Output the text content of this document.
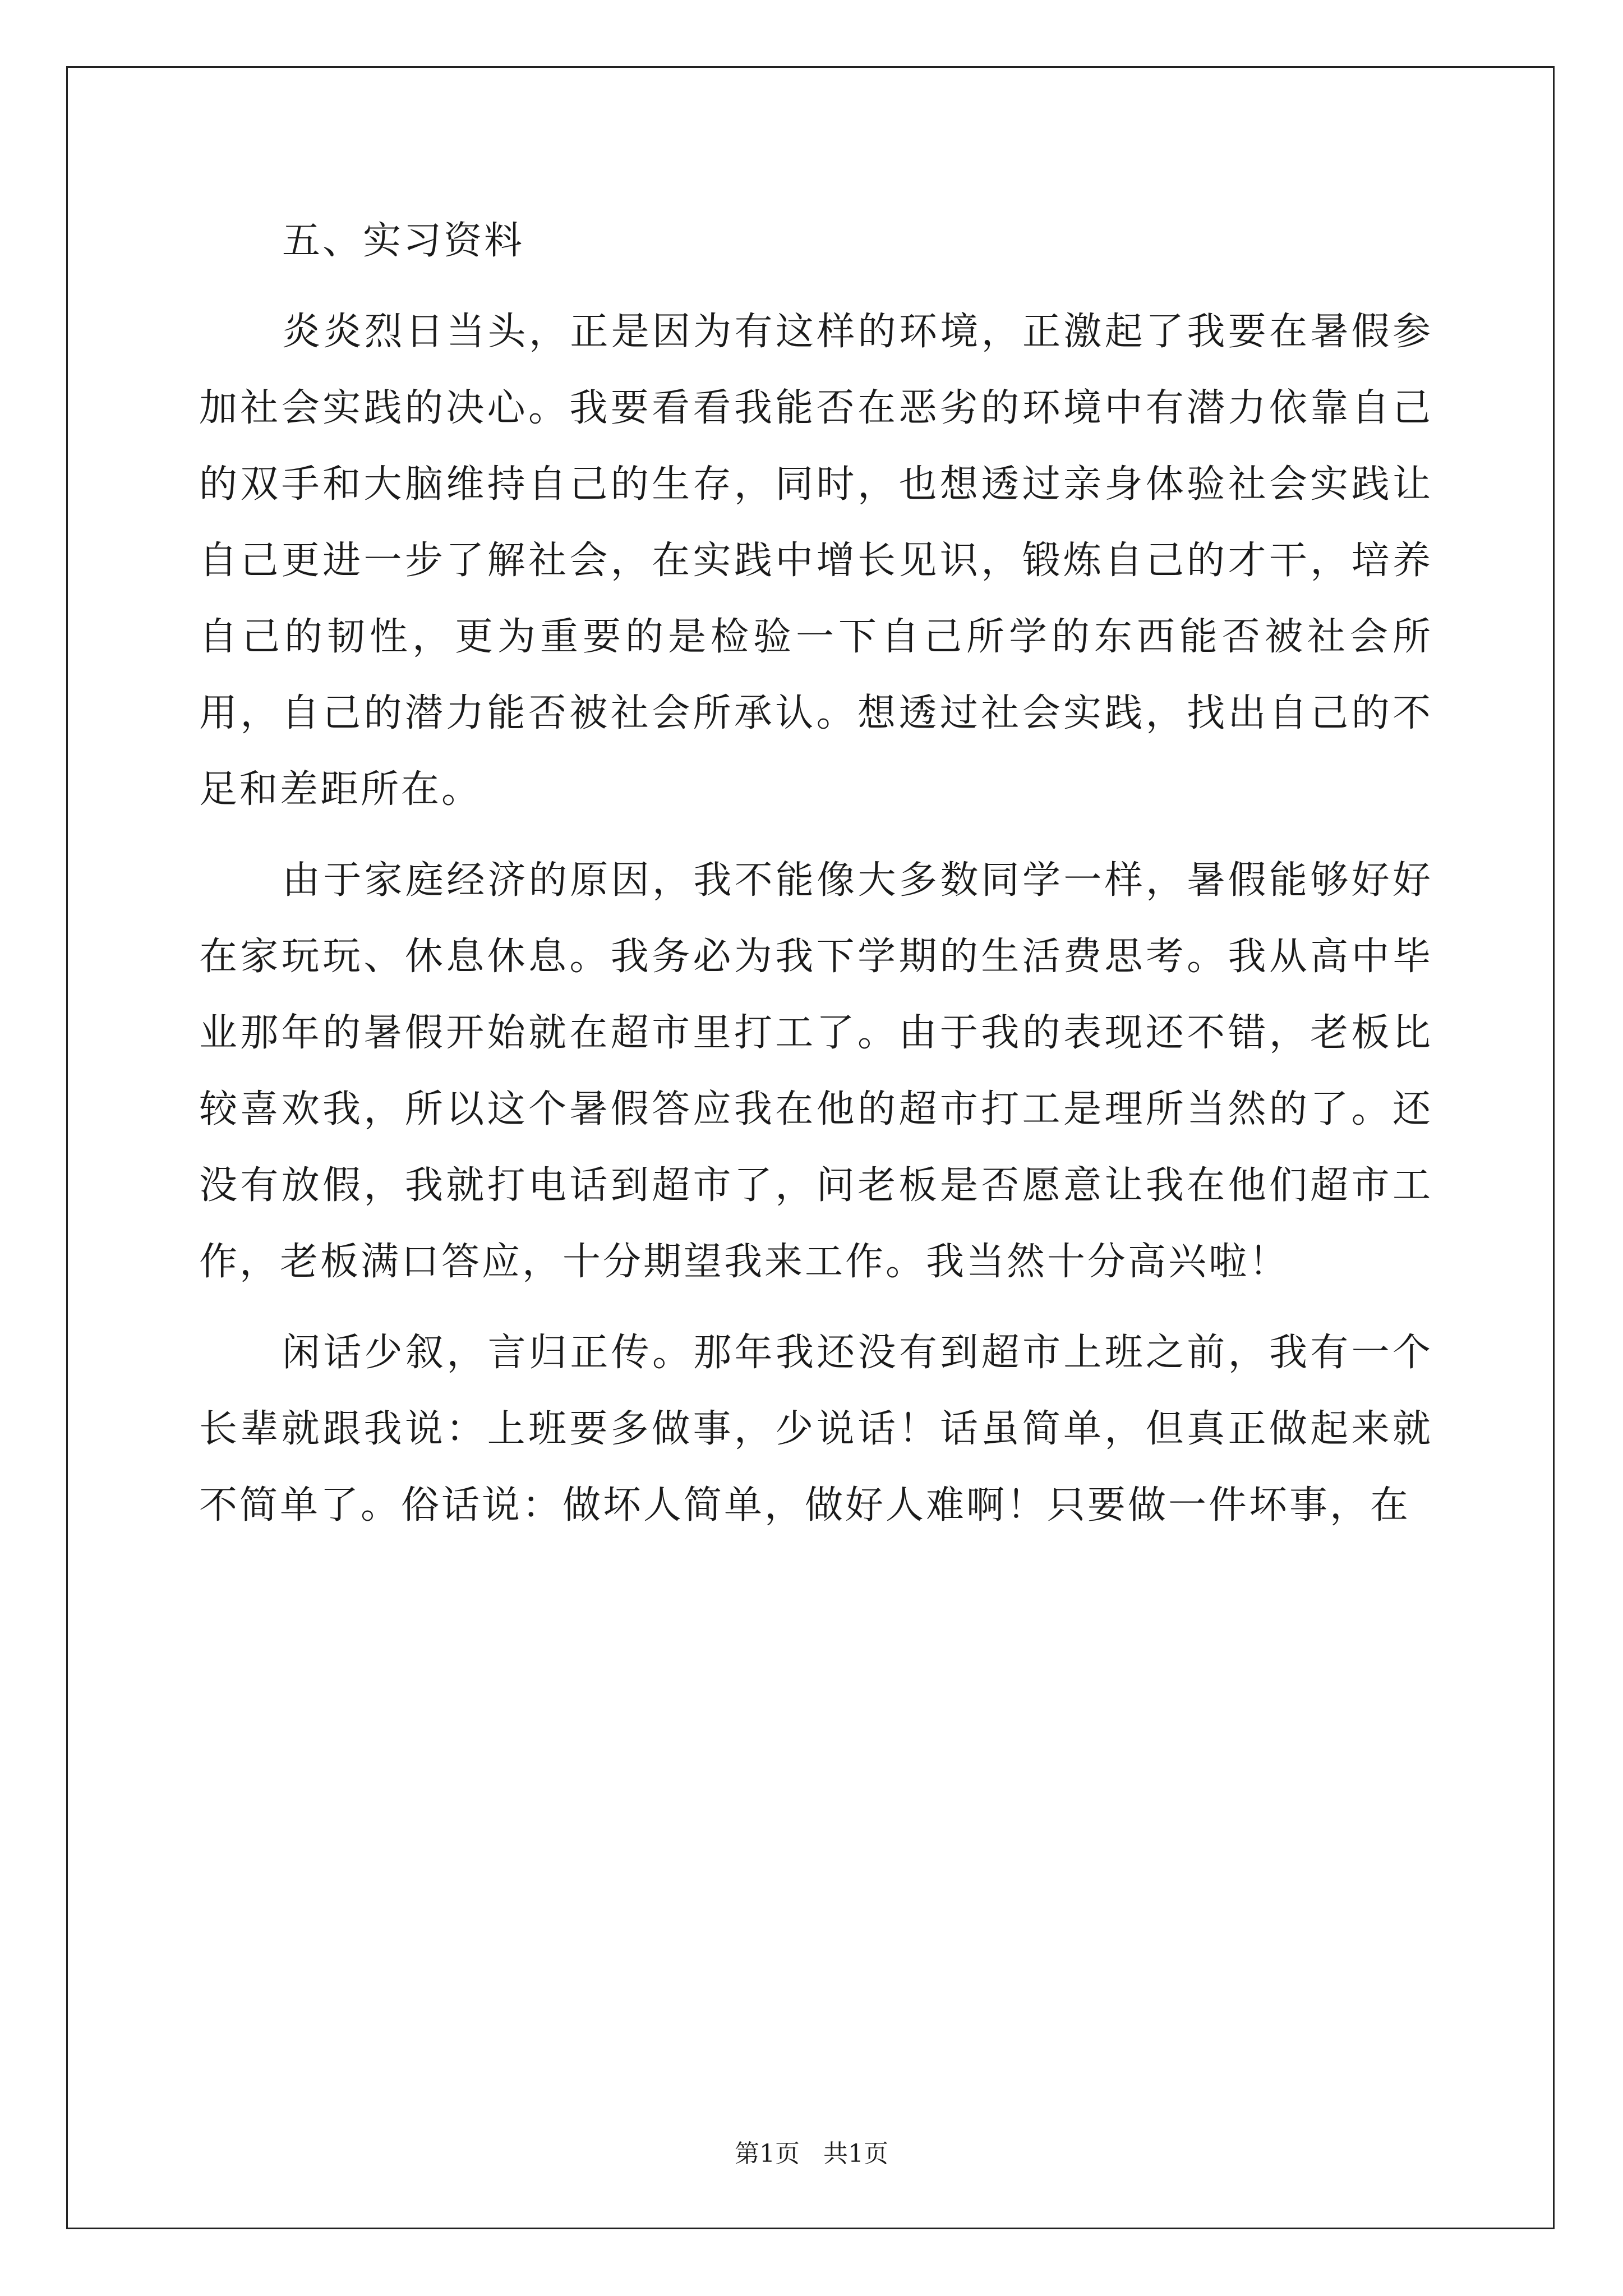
五、实习资料

炎炎烈日当头，正是因为有这样的环境，正激起了我要在暑假参加社会实践的决心。我要看看我能否在恶劣的环境中有潜力依靠自己的双手和大脑维持自己的生存，同时，也想透过亲身体验社会实践让自己更进一步了解社会，在实践中增长见识，锻炼自己的才干，培养自己的韧性，更为重要的是检验一下自己所学的东西能否被社会所用，自己的潜力能否被社会所承认。想透过社会实践，找出自己的不足和差距所在。

由于家庭经济的原因，我不能像大多数同学一样，暑假能够好好在家玩玩、休息休息。我务必为我下学期的生活费思考。我从高中毕业那年的暑假开始就在超市里打工了。由于我的表现还不错，老板比较喜欢我，所以这个暑假答应我在他的超市打工是理所当然的了。还没有放假，我就打电话到超市了，问老板是否愿意让我在他们超市工作，老板满口答应，十分期望我来工作。我当然十分高兴啦！

闲话少叙，言归正传。那年我还没有到超市上班之前，我有一个长辈就跟我说：上班要多做事，少说话！话虽简单，但真正做起来就不简单了。俗话说：做坏人简单，做好人难啊！只要做一件坏事，在

第1页   共1页
